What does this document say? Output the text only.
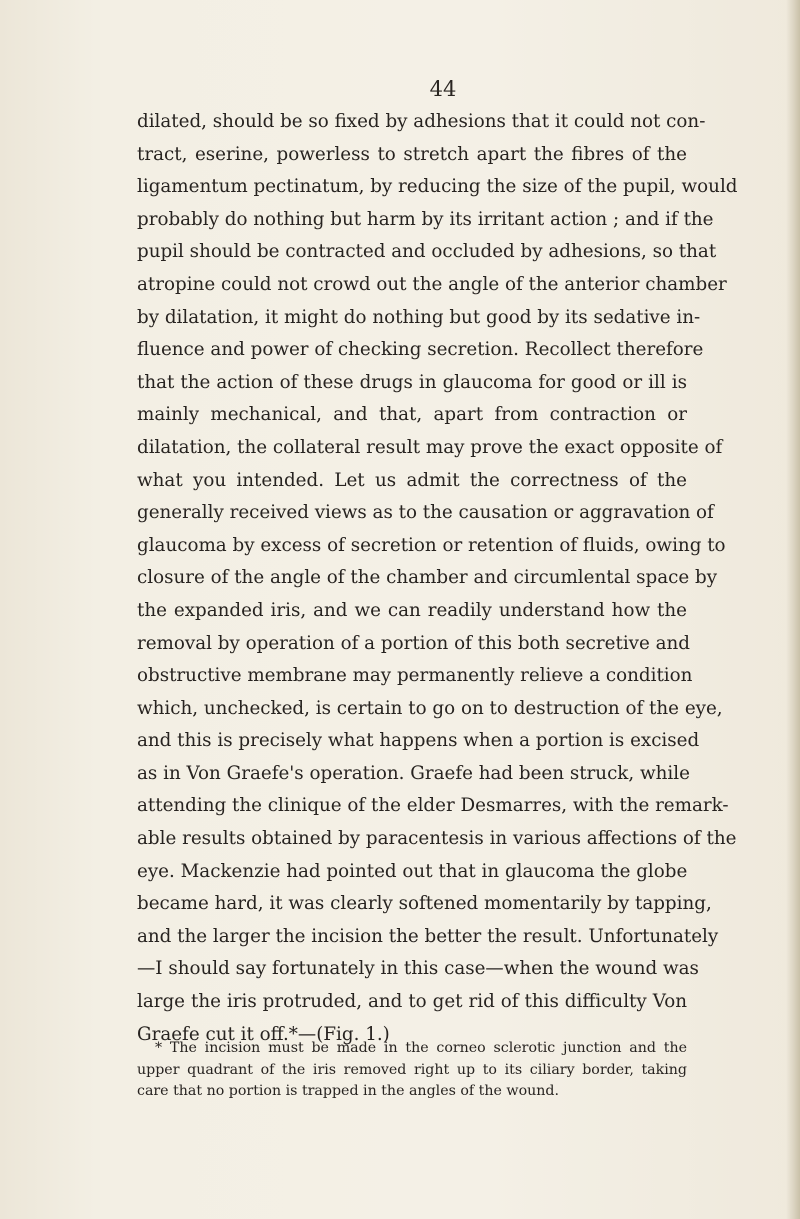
44
dilated, should be so fixed by adhesions that it could not con-
tract, eserine, powerless to stretch apart the fibres of the
ligamentum pectinatum, by reducing the size of the pupil, would
probably do nothing but harm by its irritant action ; and if the
pupil should be contracted and occluded by adhesions, so that
atropine could not crowd out the angle of the anterior chamber
by dilatation, it might do nothing but good by its sedative in-
fluence and power of checking secretion. Recollect therefore
that the action of these drugs in glaucoma for good or ill is
mainly mechanical, and that, apart from contraction or
dilatation, the collateral result may prove the exact opposite of
what you intended. Let us admit the correctness of the
generally received views as to the causation or aggravation of
glaucoma by excess of secretion or retention of fluids, owing to
closure of the angle of the chamber and circumlental space by
the expanded iris, and we can readily understand how the
removal by operation of a portion of this both secretive and
obstructive membrane may permanently relieve a condition
which, unchecked, is certain to go on to destruction of the eye,
and this is precisely what happens when a portion is excised
as in Von Graefe's operation. Graefe had been struck, while
attending the clinique of the elder Desmarres, with the remark-
able results obtained by paracentesis in various affections of the
eye. Mackenzie had pointed out that in glaucoma the globe
became hard, it was clearly softened momentarily by tapping,
and the larger the incision the better the result. Unfortunately
—I should say fortunately in this case—when the wound was
large the iris protruded, and to get rid of this difficulty Von
Graefe cut it off.*—(Fig. 1.)
* The incision must be made in the corneo sclerotic junction and the
upper quadrant of the iris removed right up to its ciliary border, taking
care that no portion is trapped in the angles of the wound.
